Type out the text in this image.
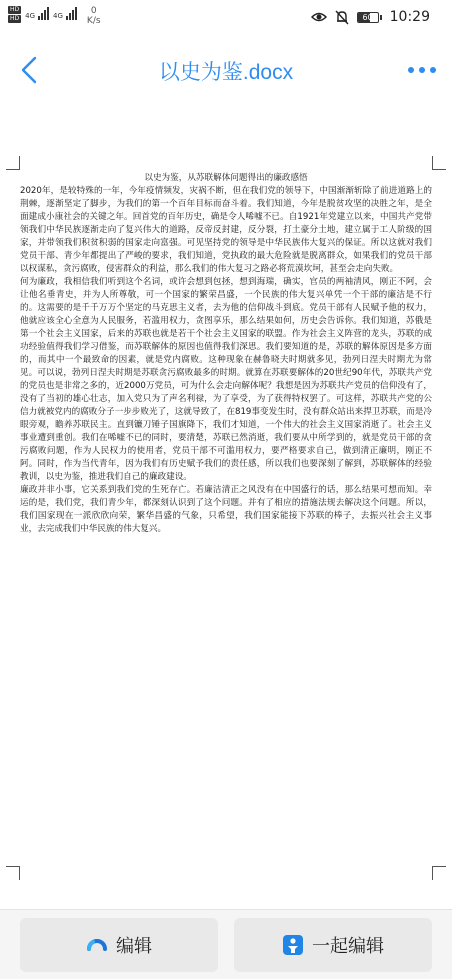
HD
HD 4G	4G	0
K/s	60	10:29
以史为鉴.docx

以史为鉴，从苏联解体问题得出的廉政感悟

2020年，是较特殊的一年，今年疫情频发，灾祸不断，但在我们党的领导下，中国渐渐斩除了前进道路上的荆棘，逐渐坚定了脚步，为我们的第一个百年目标而奋斗着。我们知道，今年是脱贫攻坚的决胜之年，是全面建成小康社会的关键之年。回首党的百年历史，确是令人唏嘘不已。自1921年党建立以来，中国共产党带领我们中华民族逐渐走向了复兴伟大的道路，反帝反封建，反分裂，打土豪分土地，建立属于工人阶级的国家，并带领我们积贫积弱的国家走向富强。可见坚持党的领导是中华民族伟大复兴的保证。所以这就对我们党员干部、青少年都提出了严峻的要求，我们知道，党执政的最大危险就是脱离群众，如果我们的党员干部以权谋私，贪污腐败，侵害群众的利益，那么我们的伟大复习之路必将荒漠坎坷，甚至会走向失败。

何为廉政，我相信我们听到这个名词，或许会想到包拯，想到海瑞，确实，官员的两袖清风，刚正不阿，会让他名垂青史，并为人所尊敬，可一个国家的繁荣昌盛，一个民族的伟大复兴单凭一个干部的廉洁是不行的。这需要的是千千万万个坚定的马克思主义者，去为他的信仰战斗到底。党员干部有人民赋予他的权力，他就应该全心全意为人民服务，若滥用权力，贪图享乐，那么结果如何，历史会告诉你。我们知道，苏俄是第一个社会主义国家，后来的苏联也就是若干个社会主义国家的联盟。作为社会主义阵营的龙头，苏联的成功经验值得我们学习借鉴，而苏联解体的原因也值得我们深思。我们要知道的是，苏联的解体原因是多方面的，而其中一个最致命的因素，就是党内腐败。这种现象在赫鲁晓夫时期就多见，勃列日涅夫时期尤为常见。可以说，勃列日涅夫时期是苏联贪污腐败最多的时期。就算在苏联要解体的20世纪90年代，苏联共产党的党员也是非常之多的，近2000万党员，可为什么会走向解体呢？我想是因为苏联共产党员的信仰没有了，没有了当初的雄心壮志，加入党只为了声名利禄，为了享受，为了获得特权罢了。可这样，苏联共产党的公信力就被党内的腐败分子一步步败光了，这就导致了，在819事变发生时，没有群众站出来捍卫苏联，而是冷眼旁观，瞻养苏联民主。直到镰刀锤子国旗降下，我们才知道，一个伟大的社会主义国家消逝了。社会主义事业遭到重创。我们在唏嘘不已的同时，要清楚，苏联已然消逝，我们要从中所学到的，就是党员干部的贪污腐败问题，作为人民权力的使用者，党员干部不可滥用权力，要严格要求自己，做到清正廉明，刚正不阿。同时，作为当代青年，因为我们有历史赋予我们的责任感，所以我们也要深刻了解到，苏联解体的经验教训，以史为鉴，推进我们自己的廉政建设。

廉政并非小事，它关系到我们党的生死存亡。若廉洁清正之风没有在中国盛行的话，那么结果可想而知。幸运的是，我们党，我们青少年，都深刻认识到了这个问题。并有了相应的措施法规去解决这个问题。所以，我们国家现在一派欣欣向荣，繁华昌盛的气象，只希望，我们国家能接下苏联的棒子，去振兴社会主义事业，去完成我们中华民族的伟大复兴。

编辑	一起编辑
